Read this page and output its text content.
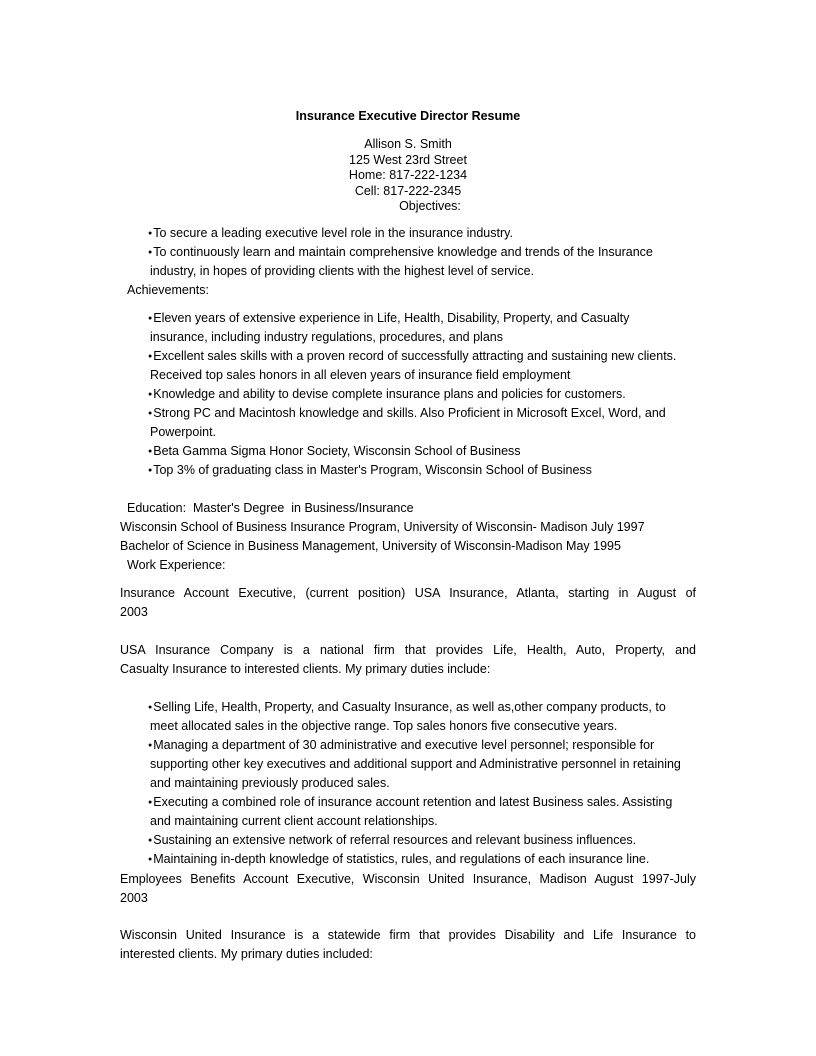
Insurance Executive Director Resume
Allison S. Smith
125 West 23rd Street
Home: 817-222-1234
Cell: 817-222-2345
Objectives:
● To secure a leading executive level role in the insurance industry.
● To continuously learn and maintain comprehensive knowledge and trends of the Insurance industry, in hopes of providing clients with the highest level of service.
Achievements:
● Eleven years of extensive experience in Life, Health, Disability, Property, and Casualty insurance, including industry regulations, procedures, and plans
● Excellent sales skills with a proven record of successfully attracting and sustaining new clients. Received top sales honors in all eleven years of insurance field employment
● Knowledge and ability to devise complete insurance plans and policies for customers.
● Strong PC and Macintosh knowledge and skills. Also Proficient in Microsoft Excel, Word, and Powerpoint.
● Beta Gamma Sigma Honor Society, Wisconsin School of Business
● Top 3% of graduating class in Master's Program, Wisconsin School of Business
Education:  Master's Degree  in Business/Insurance
Wisconsin School of Business Insurance Program, University of Wisconsin- Madison July 1997
Bachelor of Science in Business Management, University of Wisconsin-Madison May 1995
Work Experience:
Insurance Account Executive, (current position) USA Insurance, Atlanta, starting in August of
2003
USA Insurance Company is a national firm that provides Life, Health, Auto, Property, and
Casualty Insurance to interested clients. My primary duties include:
● Selling Life, Health, Property, and Casualty Insurance, as well as,other company products, to meet allocated sales in the objective range. Top sales honors five consecutive years.
● Managing a department of 30 administrative and executive level personnel; responsible for supporting other key executives and additional support and Administrative personnel in retaining and maintaining previously produced sales.
● Executing a combined role of insurance account retention and latest Business sales. Assisting and maintaining current client account relationships.
● Sustaining an extensive network of referral resources and relevant business influences.
● Maintaining in-depth knowledge of statistics, rules, and regulations of each insurance line.
Employees Benefits Account Executive, Wisconsin United Insurance, Madison August 1997-July
2003
Wisconsin United Insurance is a statewide firm that provides Disability and Life Insurance to
interested clients. My primary duties included:
